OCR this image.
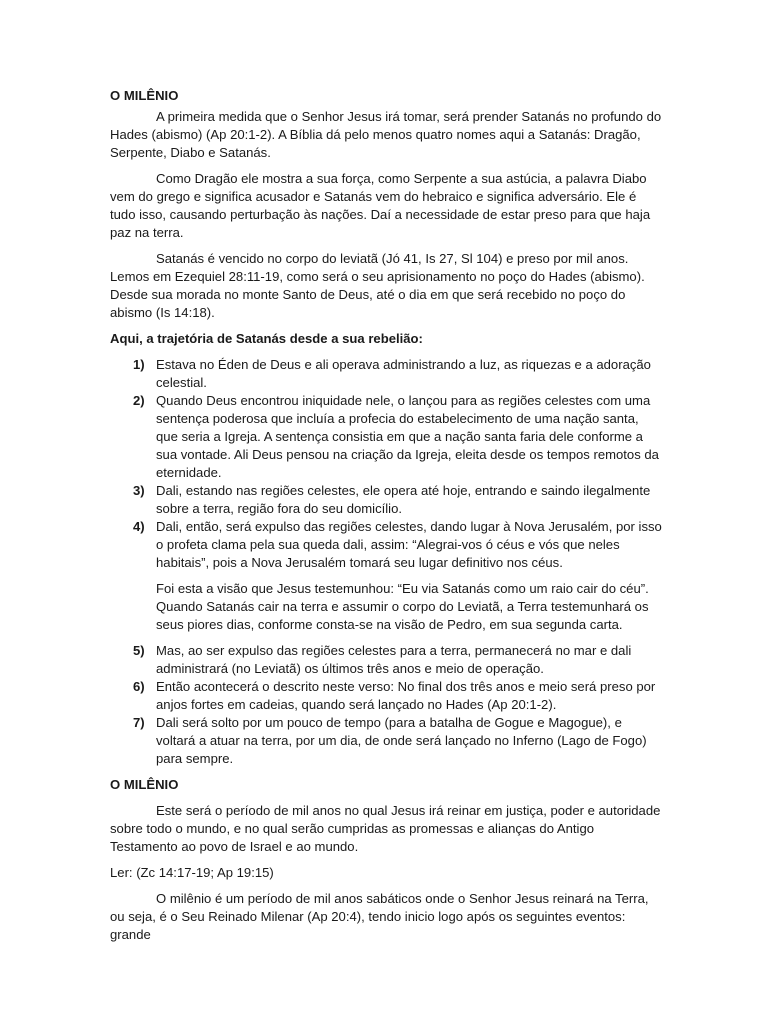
O MILÊNIO

A primeira medida que o Senhor Jesus irá tomar, será prender Satanás no profundo do Hades (abismo) (Ap 20:1-2). A Bíblia dá pelo menos quatro nomes aqui a Satanás: Dragão, Serpente, Diabo e Satanás.

Como Dragão ele mostra a sua força, como Serpente a sua astúcia, a palavra Diabo vem do grego e significa acusador e Satanás vem do hebraico e significa adversário. Ele é tudo isso, causando perturbação às nações. Daí a necessidade de estar preso para que haja paz na terra.

Satanás é vencido no corpo do leviatã (Jó 41, Is 27, Sl 104) e preso por mil anos. Lemos em Ezequiel 28:11-19, como será o seu aprisionamento no poço do Hades (abismo). Desde sua morada no monte Santo de Deus, até o dia em que será recebido no poço do abismo (Is 14:18).

Aqui, a trajetória de Satanás desde a sua rebelião:
1) Estava no Éden de Deus e ali operava administrando a luz, as riquezas e a adoração celestial.
2) Quando Deus encontrou iniquidade nele, o lançou para as regiões celestes com uma sentença poderosa que incluía a profecia do estabelecimento de uma nação santa, que seria a Igreja. A sentença consistia em que a nação santa faria dele conforme a sua vontade. Ali Deus pensou na criação da Igreja, eleita desde os tempos remotos da eternidade.
3) Dali, estando nas regiões celestes, ele opera até hoje, entrando e saindo ilegalmente sobre a terra, região fora do seu domicílio.
4) Dali, então, será expulso das regiões celestes, dando lugar à Nova Jerusalém, por isso o profeta clama pela sua queda dali, assim: “Alegrai-vos ó céus e vós que neles habitais”, pois a Nova Jerusalém tomará seu lugar definitivo nos céus.

Foi esta a visão que Jesus testemunhou: “Eu via Satanás como um raio cair do céu”. Quando Satanás cair na terra e assumir o corpo do Leviatã, a Terra testemunhará os seus piores dias, conforme consta-se na visão de Pedro, em sua segunda carta.

5) Mas, ao ser expulso das regiões celestes para a terra, permanecerá no mar e dali administrará (no Leviatã) os últimos três anos e meio de operação.
6) Então acontecerá o descrito neste verso: No final dos três anos e meio será preso por anjos fortes em cadeias, quando será lançado no Hades (Ap 20:1-2).
7) Dali será solto por um pouco de tempo (para a batalha de Gogue e Magogue), e voltará a atuar na terra, por um dia, de onde será lançado no Inferno (Lago de Fogo) para sempre.
O MILÊNIO

Este será o período de mil anos no qual Jesus irá reinar em justiça, poder e autoridade sobre todo o mundo, e no qual serão cumpridas as promessas e alianças do Antigo Testamento ao povo de Israel e ao mundo.

Ler: (Zc 14:17-19; Ap 19:15)

O milênio é um período de mil anos sabáticos onde o Senhor Jesus reinará na Terra, ou seja, é o Seu Reinado Milenar (Ap 20:4), tendo inicio logo após os seguintes eventos: grande
